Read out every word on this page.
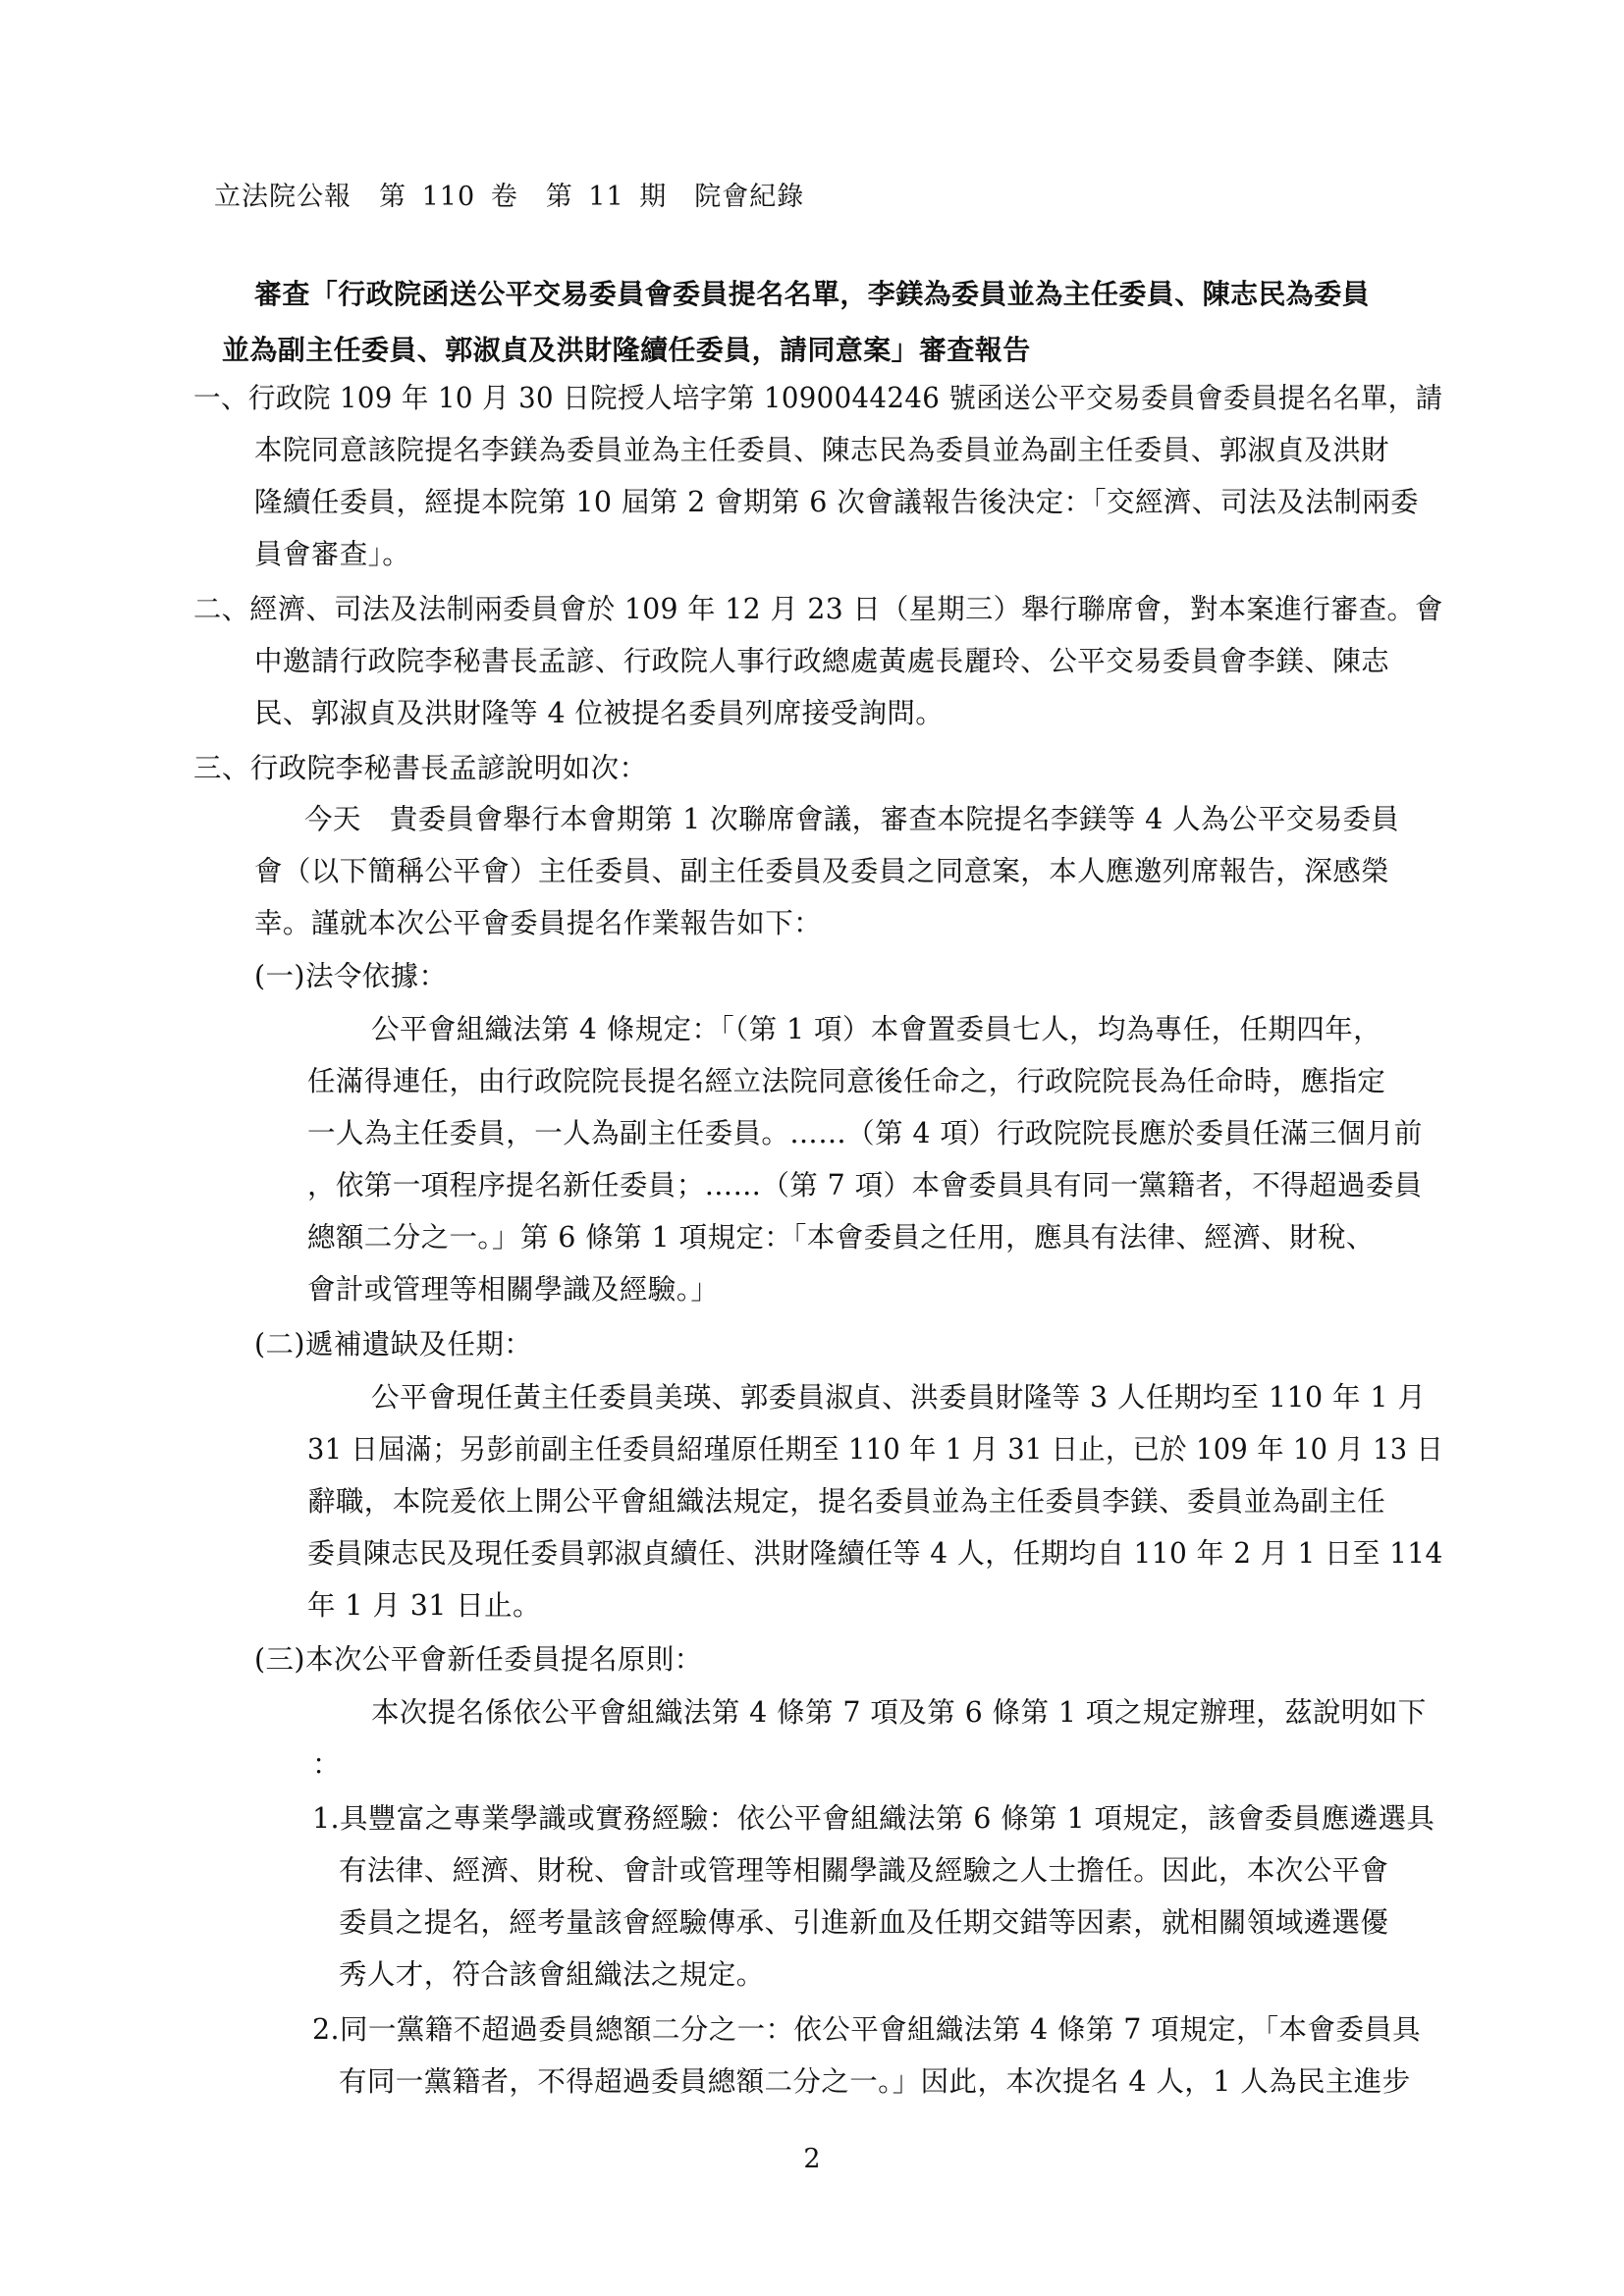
立法院公報　第 110 卷　第 11 期　院會紀錄
審查「行政院函送公平交易委員會委員提名名單，李鎂為委員並為主任委員、陳志民為委員
並為副主任委員、郭淑貞及洪財隆續任委員，請同意案」審查報告
一、行政院 109 年 10 月 30 日院授人培字第 1090044246 號函送公平交易委員會委員提名名單，請
本院同意該院提名李鎂為委員並為主任委員、陳志民為委員並為副主任委員、郭淑貞及洪財
隆續任委員，經提本院第 10 屆第 2 會期第 6 次會議報告後決定：「交經濟、司法及法制兩委
員會審查」。
二、經濟、司法及法制兩委員會於 109 年 12 月 23 日（星期三）舉行聯席會，對本案進行審查。會
中邀請行政院李秘書長孟諺、行政院人事行政總處黃處長麗玲、公平交易委員會李鎂、陳志
民、郭淑貞及洪財隆等 4 位被提名委員列席接受詢問。
三、行政院李秘書長孟諺說明如次：
今天　貴委員會舉行本會期第 1 次聯席會議，審查本院提名李鎂等 4 人為公平交易委員
會（以下簡稱公平會）主任委員、副主任委員及委員之同意案，本人應邀列席報告，深感榮
幸。謹就本次公平會委員提名作業報告如下：
(一)法令依據：
公平會組織法第 4 條規定：「（第 1 項）本會置委員七人，均為專任，任期四年，
任滿得連任，由行政院院長提名經立法院同意後任命之，行政院院長為任命時，應指定
一人為主任委員，一人為副主任委員。……（第 4 項）行政院院長應於委員任滿三個月前
，依第一項程序提名新任委員；……（第 7 項）本會委員具有同一黨籍者，不得超過委員
總額二分之一。」第 6 條第 1 項規定：「本會委員之任用，應具有法律、經濟、財稅、
會計或管理等相關學識及經驗。」
(二)遞補遺缺及任期：
公平會現任黃主任委員美瑛、郭委員淑貞、洪委員財隆等 3 人任期均至 110 年 1 月
31 日屆滿；另彭前副主任委員紹瑾原任期至 110 年 1 月 31 日止，已於 109 年 10 月 13 日
辭職，本院爰依上開公平會組織法規定，提名委員並為主任委員李鎂、委員並為副主任
委員陳志民及現任委員郭淑貞續任、洪財隆續任等 4 人，任期均自 110 年 2 月 1 日至 114
年 1 月 31 日止。
(三)本次公平會新任委員提名原則：
本次提名係依公平會組織法第 4 條第 7 項及第 6 條第 1 項之規定辦理，茲說明如下
：
1.具豐富之專業學識或實務經驗：依公平會組織法第 6 條第 1 項規定，該會委員應遴選具
有法律、經濟、財稅、會計或管理等相關學識及經驗之人士擔任。因此，本次公平會
委員之提名，經考量該會經驗傳承、引進新血及任期交錯等因素，就相關領域遴選優
秀人才，符合該會組織法之規定。
2.同一黨籍不超過委員總額二分之一：依公平會組織法第 4 條第 7 項規定，「本會委員具
有同一黨籍者，不得超過委員總額二分之一。」因此，本次提名 4 人，1 人為民主進步
2
